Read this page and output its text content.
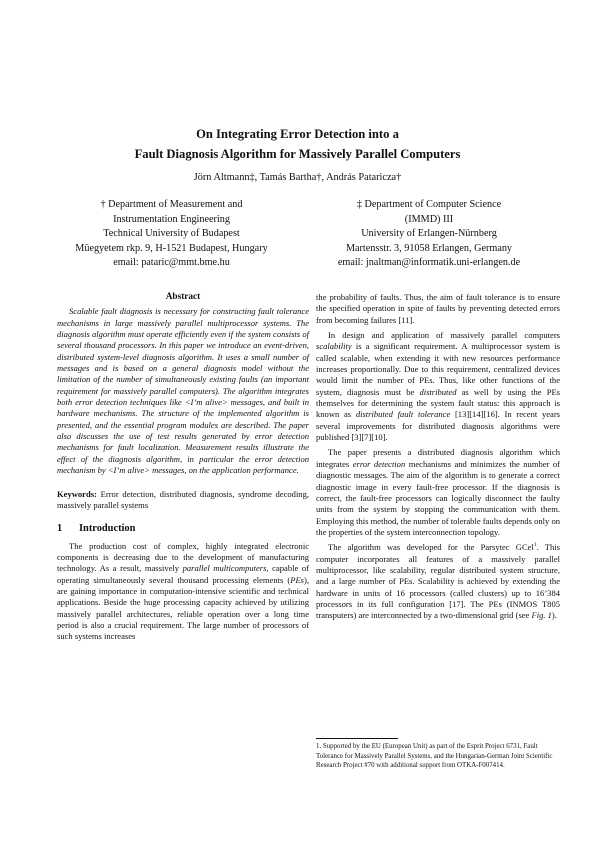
On Integrating Error Detection into a
Fault Diagnosis Algorithm for Massively Parallel Computers
Jörn Altmann‡, Tamás Bartha†, András Pataricza†
† Department of Measurement and
Instrumentation Engineering
Technical University of Budapest
Müegyetem rkp. 9, H-1521 Budapest, Hungary
email: pataric@mmt.bme.hu
‡ Department of Computer Science
(IMMD) III
University of Erlangen-Nürnberg
Martensstr. 3, 91058 Erlangen, Germany
email: jnaltman@informatik.uni-erlangen.de
Abstract

Scalable fault diagnosis is necessary for constructing fault tolerance mechanisms in large massively parallel multiprocessor systems. The diagnosis algorithm must operate efficiently even if the system consists of several thousand processors. In this paper we introduce an event-driven, distributed system-level diagnosis algorithm. It uses a small number of messages and is based on a general diagnosis model without the limitation of the number of simultaneously existing faults (an important requirement for massively parallel computers). The algorithm integrates both error detection techniques like <I’m alive> messages, and built in hardware mechanisms. The structure of the implemented algorithm is presented, and the essential program modules are described. The paper also discusses the use of test results generated by error detection mechanisms for fault localization. Measurement results illustrate the effect of the diagnosis algorithm, in particular the error detection mechanism by <I’m alive> messages, on the application performance.

Keywords: Error detection, distributed diagnosis, syndrome decoding, massively parallel systems

1 Introduction

The production cost of complex, highly integrated electronic components is decreasing due to the development of manufacturing technology. As a result, massively parallel multicomputers, capable of operating simultaneously several thousand processing elements (PEs), are gaining importance in computation-intensive scientific and technical applications. Beside the huge processing capacity achieved by utilizing massively parallel architectures, reliable operation over a long time period is also a crucial requirement. The large number of processors of such systems increases

the probability of faults. Thus, the aim of fault tolerance is to ensure the specified operation in spite of faults by preventing detected errors from becoming failures [11].

In design and application of massively parallel computers scalability is a significant requirement. A multiprocessor system is called scalable, when extending it with new resources performance increases proportionally. Due to this requirement, centralized devices would limit the number of PEs. Thus, like other functions of the system, diagnosis must be distributed as well by using the PEs themselves for determining the system fault status: this approach is known as distributed fault tolerance [13][14][16]. In recent years several improvements for distributed diagnosis algorithms were published [3][7][10].

The paper presents a distributed diagnosis algorithm which integrates error detection mechanisms and minimizes the number of diagnostic messages. The aim of the algorithm is to generate a correct diagnostic image in every fault-free processor. If the diagnosis is correct, the fault-free processors can logically disconnect the faulty units from the system by stopping the communication with them. Employing this method, the number of tolerable faults depends only on the properties of the system interconnection topology.

The algorithm was developed for the Parsytec GCel$^1$. This computer incorporates all features of a massively parallel multiprocessor, like scalability, regular distributed system structure, and a large number of PEs. Scalability is achieved by extending the hardware in units of 16 processors (called clusters) up to 16’384 processors in its full configuration [17]. The PEs (INMOS T805 transputers) are interconnected by a two-dimensional grid (see Fig. 1).

1. Supported by the EU (European Unit) as part of the Esprit Project 6731, Fault Tolerance for Massively Parallel Systems, and the Hungarian-German Joint Scientific Research Project #70 with additional support from OTKA-F007414.
